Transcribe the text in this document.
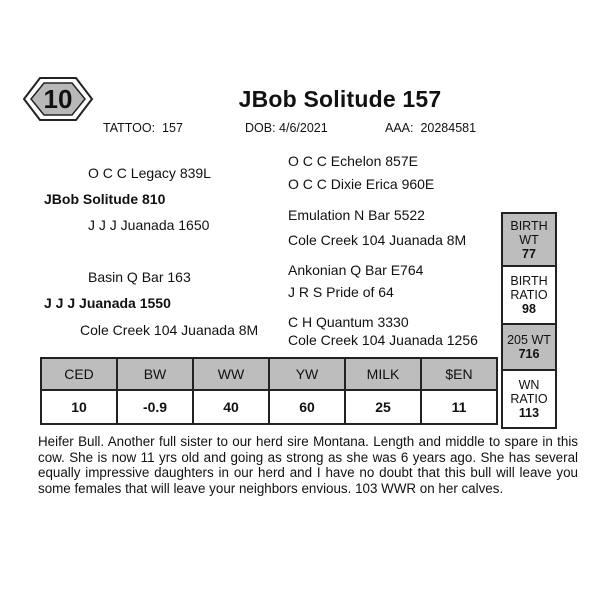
10	JBob Solitude 157
TATTOO: 157	DOB: 4/6/2021	AAA: 20284581
O C C Legacy 839L
JBob Solitude 810
J J J Juanada 1650
Basin Q Bar 163
J J J Juanada 1550
Cole Creek 104 Juanada 8M
O C C Echelon 857E
O C C Dixie Erica 960E
Emulation N Bar 5522
Cole Creek 104 Juanada 8M
Ankonian Q Bar E764
J R S Pride of 64
C H Quantum 3330
Cole Creek 104 Juanada 1256
CED	BW	WW	YW	MILK	$EN
10	-0.9	40	60	25	11
BIRTH WT
77
BIRTH
RATIO
98
205 WT
716
WN RATIO
113
Heifer Bull. Another full sister to our herd sire Montana. Length and middle to spare in this cow. She is now 11 yrs old and going as strong as she was 6 years ago. She has several equally impressive daughters in our herd and I have no doubt that this bull will leave you some females that will leave your neighbors envious. 103 WWR on her calves.
